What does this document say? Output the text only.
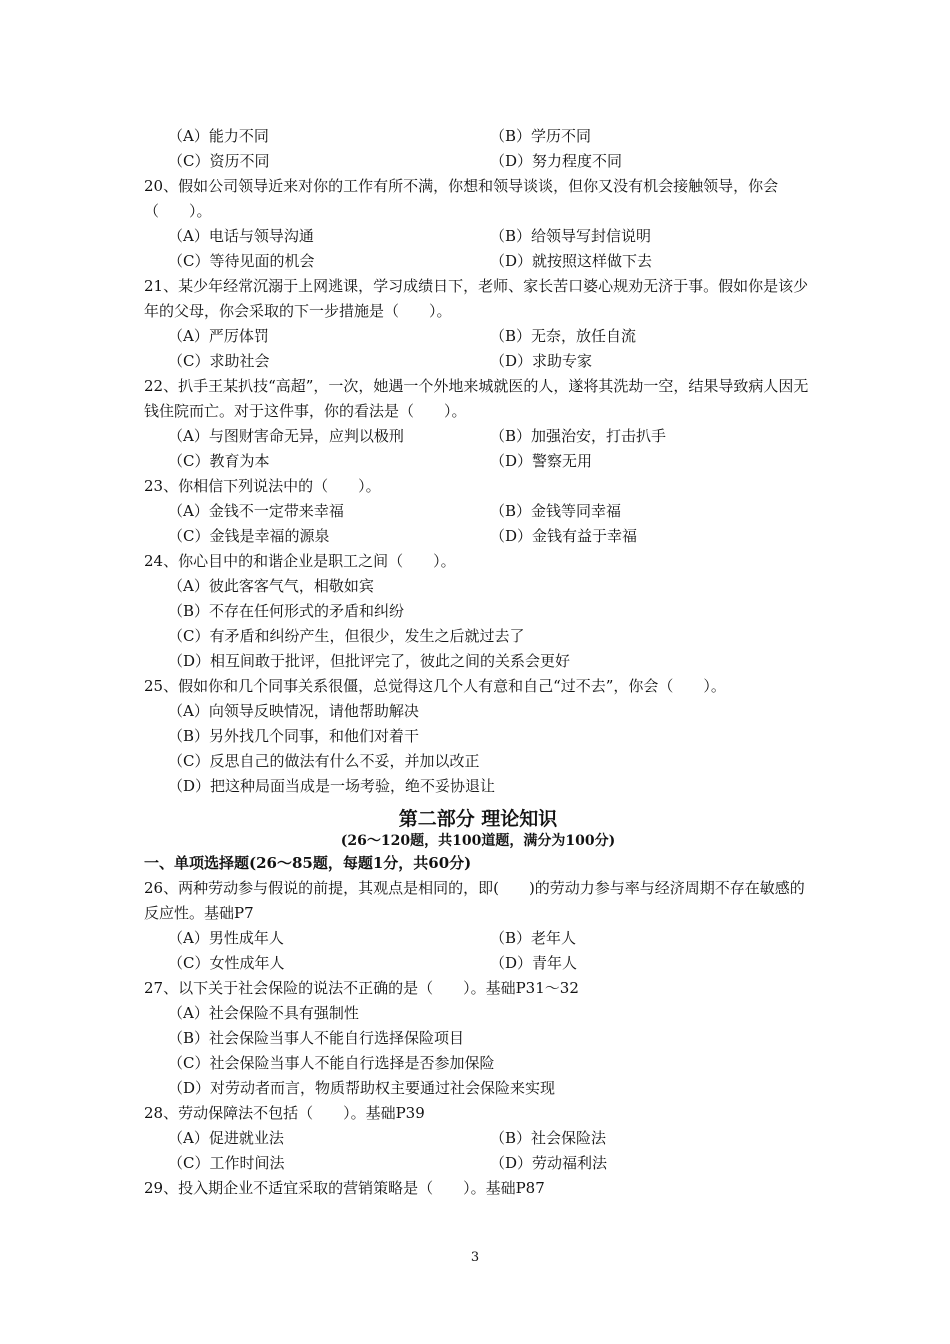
（A）能力不同	（B）学历不同
（C）资历不同	（D）努力程度不同
20、假如公司领导近来对你的工作有所不满，你想和领导谈谈，但你又没有机会接触领导，你会（　　）。
（A）电话与领导沟通	（B）给领导写封信说明
（C）等待见面的机会	（D）就按照这样做下去
21、某少年经常沉溺于上网逃课，学习成绩日下，老师、家长苦口婆心规劝无济于事。假如你是该少年的父母，你会采取的下一步措施是（　　）。
（A）严厉体罚	（B）无奈，放任自流
（C）求助社会	（D）求助专家
22、扒手王某扒技“高超”，一次，她遇一个外地来城就医的人，遂将其洗劫一空，结果导致病人因无钱住院而亡。对于这件事，你的看法是（　　）。
（A）与图财害命无异，应判以极刑	（B）加强治安，打击扒手
（C）教育为本	（D）警察无用
23、你相信下列说法中的（　　）。
（A）金钱不一定带来幸福	（B）金钱等同幸福
（C）金钱是幸福的源泉	（D）金钱有益于幸福
24、你心目中的和谐企业是职工之间（　　）。
（A）彼此客客气气，相敬如宾
（B）不存在任何形式的矛盾和纠纷
（C）有矛盾和纠纷产生，但很少，发生之后就过去了
（D）相互间敢于批评，但批评完了，彼此之间的关系会更好
25、假如你和几个同事关系很僵，总觉得这几个人有意和自己“过不去”，你会（　　）。
（A）向领导反映情况，请他帮助解决
（B）另外找几个同事，和他们对着干
（C）反思自己的做法有什么不妥，并加以改正
（D）把这种局面当成是一场考验，绝不妥协退让
第二部分 理论知识
(26～120题，共100道题，满分为100分)
一、单项选择题(26～85题，每题1分，共60分)
26、两种劳动参与假说的前提，其观点是相同的，即(　　)的劳动力参与率与经济周期不存在敏感的反应性。基础P7
（A）男性成年人	（B）老年人
（C）女性成年人	（D）青年人
27、以下关于社会保险的说法不正确的是（　　）。基础P31～32
（A）社会保险不具有强制性
（B）社会保险当事人不能自行选择保险项目
（C）社会保险当事人不能自行选择是否参加保险
（D）对劳动者而言，物质帮助权主要通过社会保险来实现
28、劳动保障法不包括（　　）。基础P39
（A）促进就业法	（B）社会保险法
（C）工作时间法	（D）劳动福利法
29、投入期企业不适宜采取的营销策略是（　　）。基础P87
3
